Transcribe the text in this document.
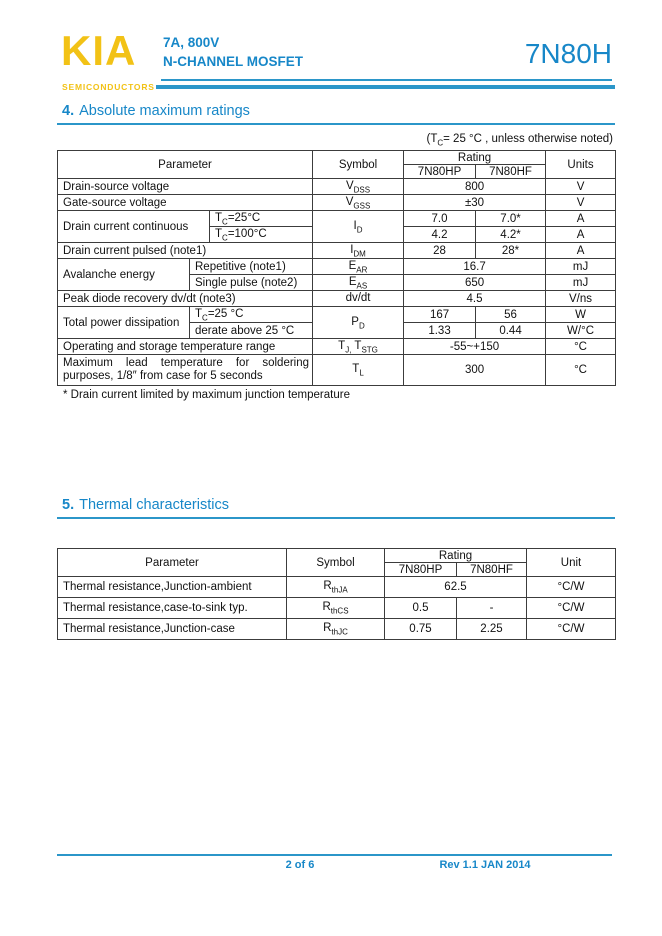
KIA
SEMICONDUCTORS
7A, 800V
N-CHANNEL MOSFET	7N80H
4. Absolute maximum ratings
($T_C= 25$ °C , unless otherwise noted)
Parameter			Symbol	Rating		Units
				7N80HP	7N80HF	
Drain-source voltage			$V_{DSS}$	800		V
Gate-source voltage			$V_{GSS}$	±30		V
Drain current continuous		$T_C=25^\circ C$	$I_D$	7.0	7.0*	A
		$T_C=100^\circ C$		4.2	4.2*	A
Drain current pulsed (note1)			$I_{DM}$	28	28*	A
Avalanche energy	Repetitive (note1)		$E_{AR}$	16.7		mJ
	Single pulse (note2)		$E_{AS}$	650		mJ
Peak diode recovery dv/dt (note3)			dv/dt	4.5		V/ns
Total power dissipation	$T_C=25$ °C		$P_D$	167	56	W
	derate above 25 °C			1.33	0.44	W/°C
Operating and storage temperature range			$T_{J,}$ $T_{STG}$	-55~+150		°C
Maximum lead temperature for soldering purposes, 1/8″ from case for 5 seconds			$T_L$	300		°C
* Drain current limited by maximum junction temperature
5. Thermal characteristics
Parameter	Symbol	Rating		Unit
		7N80HP	7N80HF	
Thermal resistance,Junction-ambient	$R_{thJA}$	62.5		°C/W
Thermal resistance,case-to-sink typ.	$R_{thCS}$	0.5	-	°C/W
Thermal resistance,Junction-case	$R_{thJC}$	0.75	2.25	°C/W
2 of 6	Rev 1.1 JAN 2014
